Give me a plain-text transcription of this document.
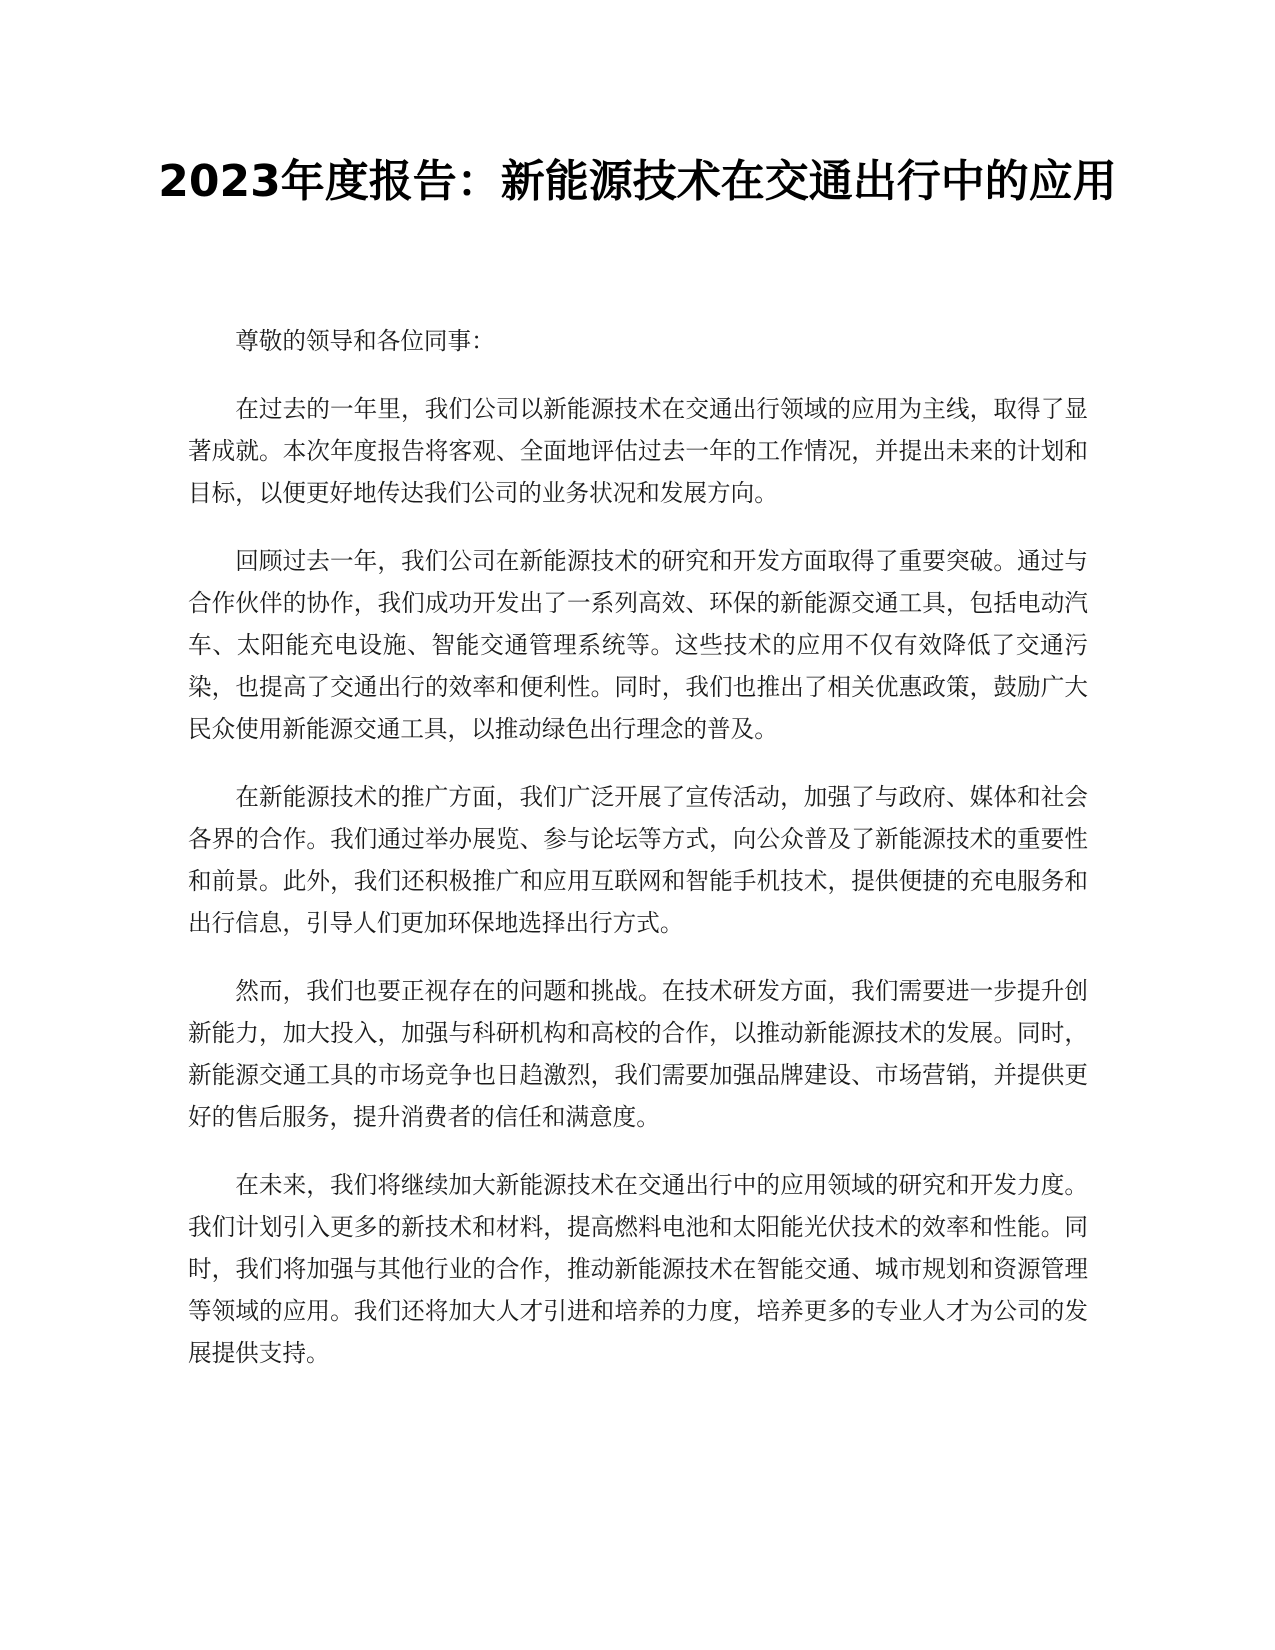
2023年度报告：新能源技术在交通出行中的应用

尊敬的领导和各位同事：

在过去的一年里，我们公司以新能源技术在交通出行领域的应用为主线，取得了显著成就。本次年度报告将客观、全面地评估过去一年的工作情况，并提出未来的计划和目标，以便更好地传达我们公司的业务状况和发展方向。

回顾过去一年，我们公司在新能源技术的研究和开发方面取得了重要突破。通过与合作伙伴的协作，我们成功开发出了一系列高效、环保的新能源交通工具，包括电动汽车、太阳能充电设施、智能交通管理系统等。这些技术的应用不仅有效降低了交通污染，也提高了交通出行的效率和便利性。同时，我们也推出了相关优惠政策，鼓励广大民众使用新能源交通工具，以推动绿色出行理念的普及。

在新能源技术的推广方面，我们广泛开展了宣传活动，加强了与政府、媒体和社会各界的合作。我们通过举办展览、参与论坛等方式，向公众普及了新能源技术的重要性和前景。此外，我们还积极推广和应用互联网和智能手机技术，提供便捷的充电服务和出行信息，引导人们更加环保地选择出行方式。

然而，我们也要正视存在的问题和挑战。在技术研发方面，我们需要进一步提升创新能力，加大投入，加强与科研机构和高校的合作，以推动新能源技术的发展。同时，新能源交通工具的市场竞争也日趋激烈，我们需要加强品牌建设、市场营销，并提供更好的售后服务，提升消费者的信任和满意度。

在未来，我们将继续加大新能源技术在交通出行中的应用领域的研究和开发力度。我们计划引入更多的新技术和材料，提高燃料电池和太阳能光伏技术的效率和性能。同时，我们将加强与其他行业的合作，推动新能源技术在智能交通、城市规划和资源管理等领域的应用。我们还将加大人才引进和培养的力度，培养更多的专业人才为公司的发展提供支持。
